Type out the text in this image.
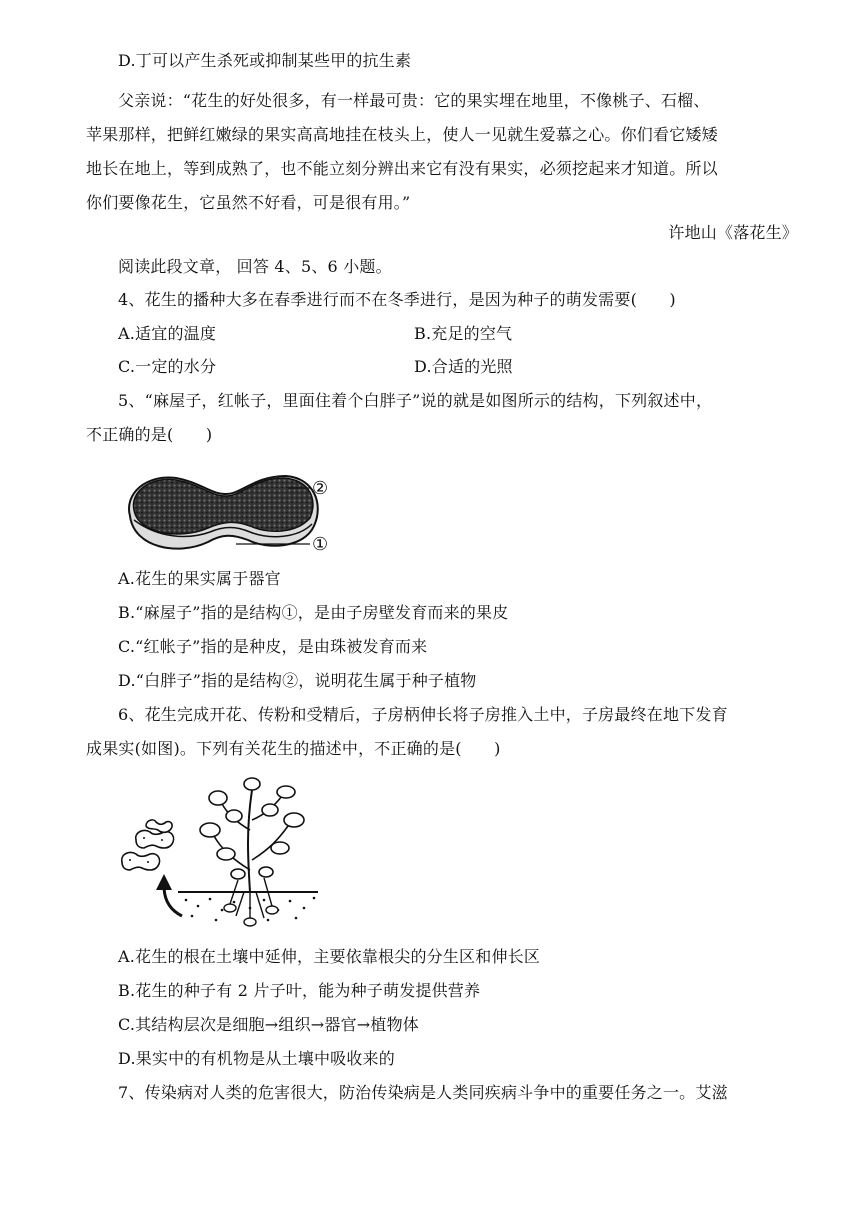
D.丁可以产生杀死或抑制某些甲的抗生素
父亲说：“花生的好处很多，有一样最可贵：它的果实埋在地里，不像桃子、石榴、
苹果那样，把鲜红嫩绿的果实高高地挂在枝头上，使人一见就生爱慕之心。你们看它矮矮
地长在地上，等到成熟了，也不能立刻分辨出来它有没有果实，必须挖起来才知道。所以
你们要像花生，它虽然不好看，可是很有用。”
许地山《落花生》
阅读此段文章， 回答 4、5、6 小题。
4、花生的播种大多在春季进行而不在冬季进行，是因为种子的萌发需要(　　)
A.适宜的温度	B.充足的空气
C.一定的水分	D.合适的光照
5、“麻屋子，红帐子，里面住着个白胖子”说的就是如图所示的结构，下列叙述中，
不正确的是(　　)
②
①
A.花生的果实属于器官
B.“麻屋子”指的是结构①，是由子房壁发育而来的果皮
C.“红帐子”指的是种皮，是由珠被发育而来
D.“白胖子”指的是结构②，说明花生属于种子植物
6、花生完成开花、传粉和受精后，子房柄伸长将子房推入土中，子房最终在地下发育
成果实(如图)。下列有关花生的描述中，不正确的是(　　)
A.花生的根在土壤中延伸，主要依靠根尖的分生区和伸长区
B.花生的种子有 2 片子叶，能为种子萌发提供营养
C.其结构层次是细胞→组织→器官→植物体
D.果实中的有机物是从土壤中吸收来的
7、传染病对人类的危害很大，防治传染病是人类同疾病斗争中的重要任务之一。艾滋
